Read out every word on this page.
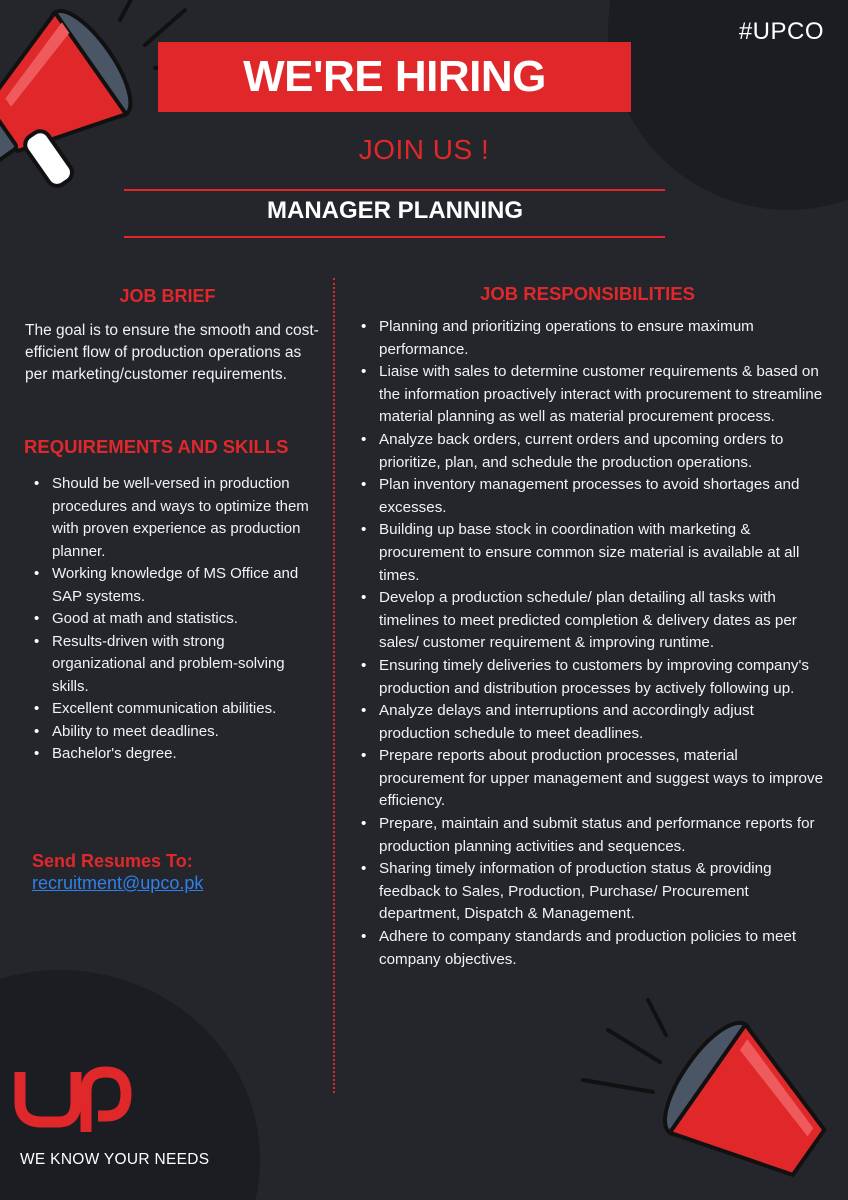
#UPCO
WE'RE HIRING
JOIN US !
MANAGER PLANNING
JOB BRIEF
The goal is to ensure the smooth and cost-efficient flow of production operations as per marketing/customer requirements.
REQUIREMENTS AND SKILLS
• Should be well-versed in production procedures and ways to optimize them with proven experience as production planner.
• Working knowledge of MS Office and SAP systems.
• Good at math and statistics.
• Results-driven with strong organizational and problem-solving skills.
• Excellent communication abilities.
• Ability to meet deadlines.
• Bachelor's degree.
Send Resumes To:
recruitment@upco.pk
JOB RESPONSIBILITIES
• Planning and prioritizing operations to ensure maximum performance.
• Liaise with sales to determine customer requirements & based on the information proactively interact with procurement to streamline material planning as well as material procurement process.
• Analyze back orders, current orders and upcoming orders to prioritize, plan, and schedule the production operations.
• Plan inventory management processes to avoid shortages and excesses.
• Building up base stock in coordination with marketing & procurement to ensure common size material is available at all times.
• Develop a production schedule/ plan detailing all tasks with timelines to meet predicted completion & delivery dates as per sales/ customer requirement & improving runtime.
• Ensuring timely deliveries to customers by improving company's production and distribution processes by actively following up.
• Analyze delays and interruptions and accordingly adjust production schedule to meet deadlines.
• Prepare reports about production processes, material procurement for upper management and suggest ways to improve efficiency.
• Prepare, maintain and submit status and performance reports for production planning activities and sequences.
• Sharing timely information of production status & providing feedback to Sales, Production, Purchase/ Procurement department, Dispatch & Management.
• Adhere to company standards and production policies to meet company objectives.
WE KNOW YOUR NEEDS
